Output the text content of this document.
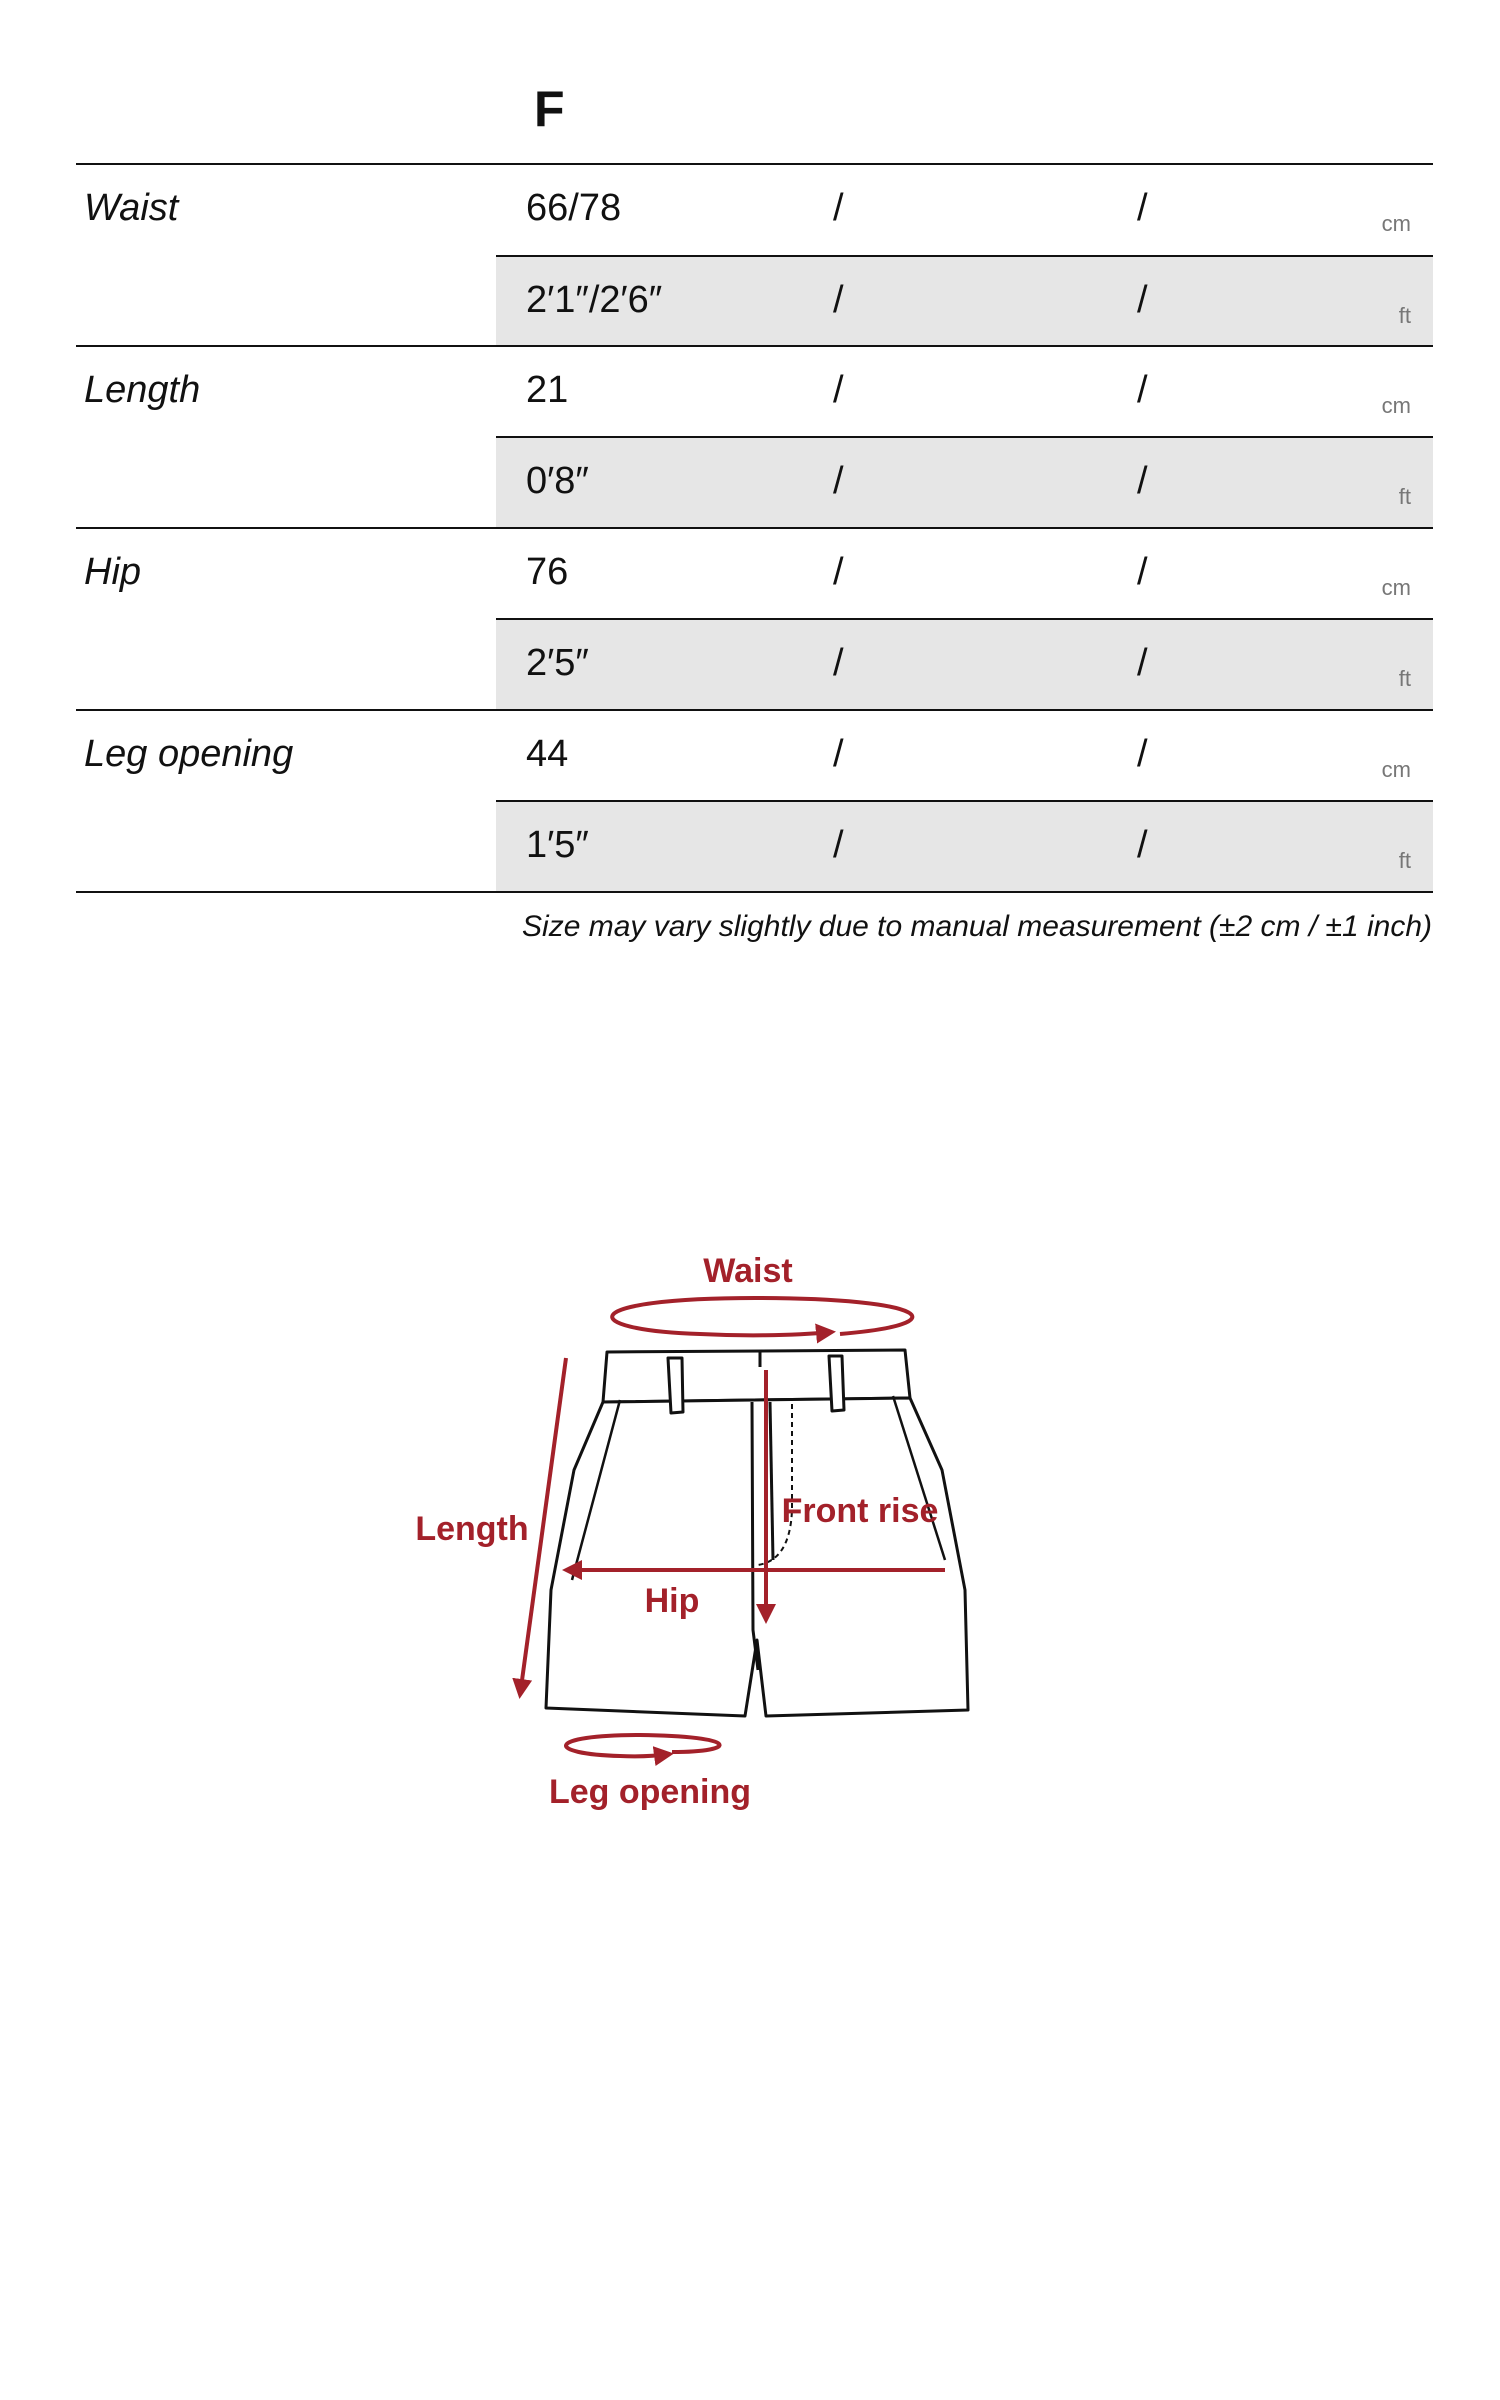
F
Waist	66/78	/	/	cm
2′1″/2′6″	/	/	ft
Length	21	/	/	cm
0′8″	/	/	ft
Hip	76	/	/	cm
2′5″	/	/	ft
Leg opening	44	/	/	cm
1′5″	/	/	ft
Size may vary slightly due to manual measurement (±2 cm / ±1 inch)
Waist
Length	Front rise
Hip
Leg opening
